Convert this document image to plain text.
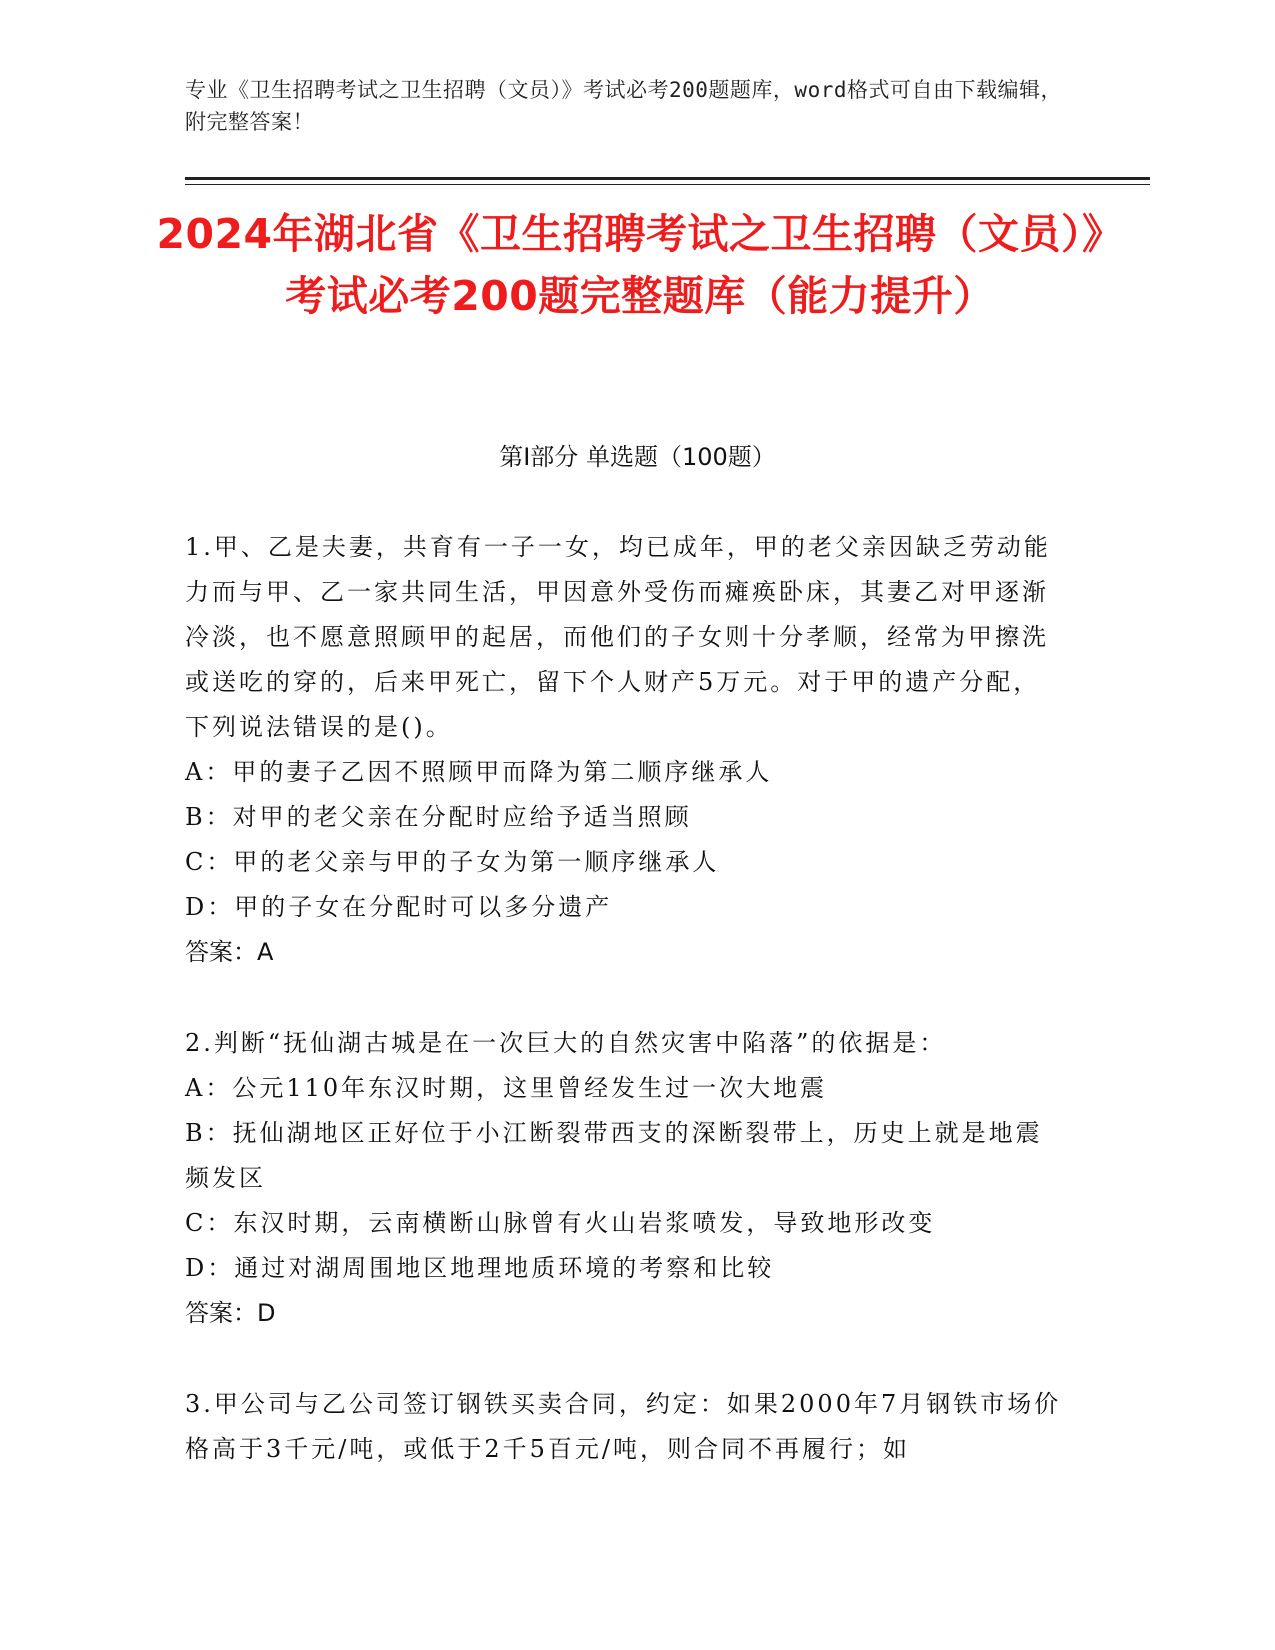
专业《卫生招聘考试之卫生招聘（文员）》考试必考200题题库，word格式可自由下载编辑，附完整答案！
2024年湖北省《卫生招聘考试之卫生招聘（文员）》考试必考200题完整题库（能力提升）
第Ⅰ部分 单选题（100题）

1.甲、乙是夫妻，共育有一子一女，均已成年，甲的老父亲因缺乏劳动能力而与甲、乙一家共同生活，甲因意外受伤而瘫痪卧床，其妻乙对甲逐渐冷淡，也不愿意照顾甲的起居，而他们的子女则十分孝顺，经常为甲擦洗或送吃的穿的，后来甲死亡，留下个人财产5万元。对于甲的遗产分配，下列说法错误的是()。

A：甲的妻子乙因不照顾甲而降为第二顺序继承人

B：对甲的老父亲在分配时应给予适当照顾

C：甲的老父亲与甲的子女为第一顺序继承人

D：甲的子女在分配时可以多分遗产

答案：A

2.判断“抚仙湖古城是在一次巨大的自然灾害中陷落”的依据是：

A：公元110年东汉时期，这里曾经发生过一次大地震

B：抚仙湖地区正好位于小江断裂带西支的深断裂带上，历史上就是地震频发区

C：东汉时期，云南横断山脉曾有火山岩浆喷发，导致地形改变

D：通过对湖周围地区地理地质环境的考察和比较

答案：D

3.甲公司与乙公司签订钢铁买卖合同，约定：如果2000年7月钢铁市场价格高于3千元/吨，或低于2千5百元/吨，则合同不再履行；如
